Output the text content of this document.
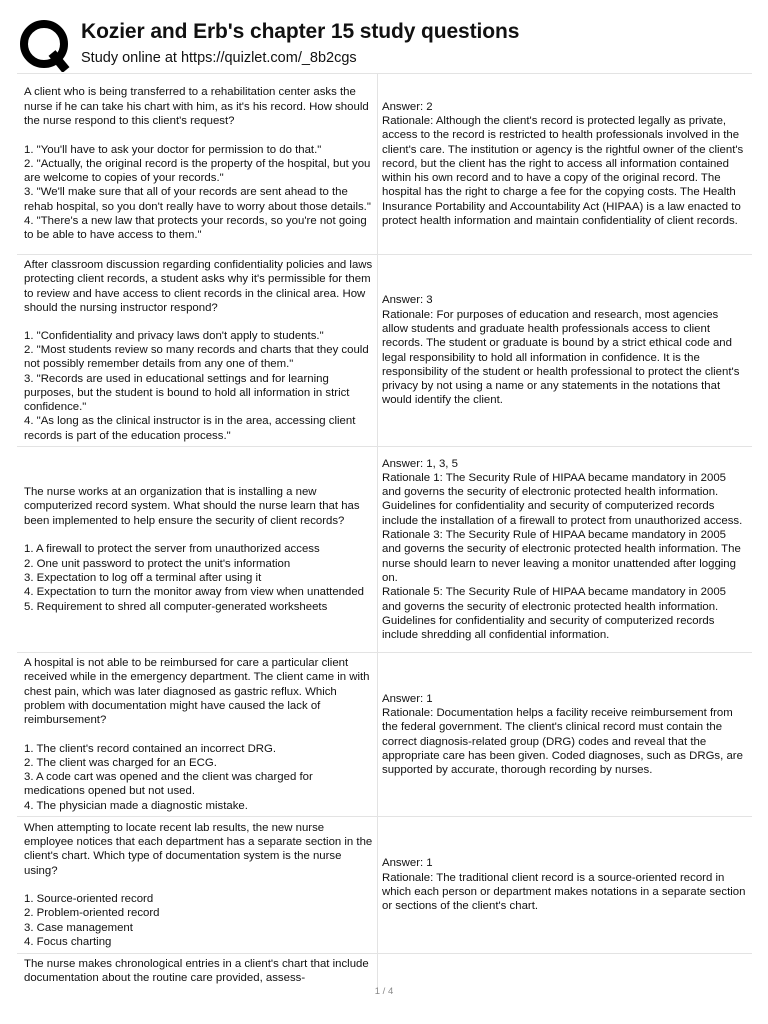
Kozier and Erb's chapter 15 study questions
Study online at https://quizlet.com/_8b2cgs
A client who is being transferred to a rehabilitation center asks the nurse if he can take his chart with him, as it's his record. How should the nurse respond to this client's request?
1. "You'll have to ask your doctor for permission to do that."
2. "Actually, the original record is the property of the hospital, but you are welcome to copies of your records."
3. "We'll make sure that all of your records are sent ahead to the rehab hospital, so you don't really have to worry about those details."
4. "There's a new law that protects your records, so you're not going to be able to have access to them."
Answer: 2
Rationale: Although the client's record is protected legally as private, access to the record is restricted to health professionals involved in the client's care. The institution or agency is the rightful owner of the client's record, but the client has the right to access all information contained within his own record and to have a copy of the original record. The hospital has the right to charge a fee for the copying costs. The Health Insurance Portability and Accountability Act (HIPAA) is a law enacted to protect health information and maintain confidentiality of client records.
After classroom discussion regarding confidentiality policies and laws protecting client records, a student asks why it's permissible for them to review and have access to client records in the clinical area. How should the nursing instructor respond?
1. "Confidentiality and privacy laws don't apply to students."
2. "Most students review so many records and charts that they could not possibly remember details from any one of them."
3. "Records are used in educational settings and for learning purposes, but the student is bound to hold all information in strict confidence."
4. "As long as the clinical instructor is in the area, accessing client records is part of the education process."
Answer: 3
Rationale: For purposes of education and research, most agencies allow students and graduate health professionals access to client records. The student or graduate is bound by a strict ethical code and legal responsibility to hold all information in confidence. It is the responsibility of the student or health professional to protect the client's privacy by not using a name or any statements in the notations that would identify the client.
The nurse works at an organization that is installing a new computerized record system. What should the nurse learn that has been implemented to help ensure the security of client records?
1. A firewall to protect the server from unauthorized access
2. One unit password to protect the unit's information
3. Expectation to log off a terminal after using it
4. Expectation to turn the monitor away from view when unattended
5. Requirement to shred all computer-generated worksheets
Answer: 1, 3, 5
Rationale 1: The Security Rule of HIPAA became mandatory in 2005 and governs the security of electronic protected health information. Guidelines for confidentiality and security of computerized records include the installation of a firewall to protect from unauthorized access.
Rationale 3: The Security Rule of HIPAA became mandatory in 2005 and governs the security of electronic protected health information. The nurse should learn to never leaving a monitor unattended after logging on.
Rationale 5: The Security Rule of HIPAA became mandatory in 2005 and governs the security of electronic protected health information. Guidelines for confidentiality and security of computerized records include shredding all confidential information.
A hospital is not able to be reimbursed for care a particular client received while in the emergency department. The client came in with chest pain, which was later diagnosed as gastric reflux. Which problem with documentation might have caused the lack of reimbursement?
1. The client's record contained an incorrect DRG.
2. The client was charged for an ECG.
3. A code cart was opened and the client was charged for medications opened but not used.
4. The physician made a diagnostic mistake.
Answer: 1
Rationale: Documentation helps a facility receive reimbursement from the federal government. The client's clinical record must contain the correct diagnosis-related group (DRG) codes and reveal that the appropriate care has been given. Coded diagnoses, such as DRGs, are supported by accurate, thorough recording by nurses.
When attempting to locate recent lab results, the new nurse employee notices that each department has a separate section in the client's chart. Which type of documentation system is the nurse using?
1. Source-oriented record
2. Problem-oriented record
3. Case management
4. Focus charting
Answer: 1
Rationale: The traditional client record is a source-oriented record in which each person or department makes notations in a separate section or sections of the client's chart.
The nurse makes chronological entries in a client's chart that include documentation about the routine care provided, assess-
1 / 4
